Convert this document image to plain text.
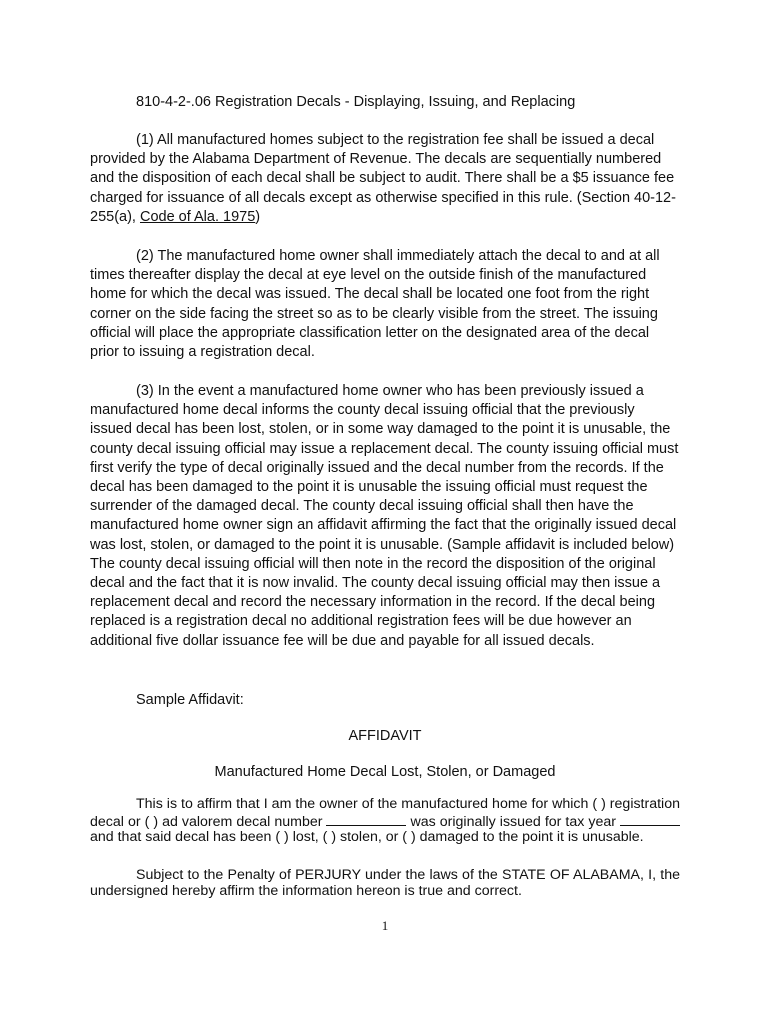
810-4-2-.06 Registration Decals - Displaying, Issuing, and Replacing
(1) All manufactured homes subject to the registration fee shall be issued a decal provided by the Alabama Department of Revenue. The decals are sequentially numbered and the disposition of each decal shall be subject to audit. There shall be a $5 issuance fee charged for issuance of all decals except as otherwise specified in this rule. (Section 40-12-255(a), Code of Ala. 1975)
(2) The manufactured home owner shall immediately attach the decal to and at all times thereafter display the decal at eye level on the outside finish of the manufactured home for which the decal was issued. The decal shall be located one foot from the right corner on the side facing the street so as to be clearly visible from the street. The issuing official will place the appropriate classification letter on the designated area of the decal prior to issuing a registration decal.
(3) In the event a manufactured home owner who has been previously issued a manufactured home decal informs the county decal issuing official that the previously issued decal has been lost, stolen, or in some way damaged to the point it is unusable, the county decal issuing official may issue a replacement decal. The county issuing official must first verify the type of decal originally issued and the decal number from the records. If the decal has been damaged to the point it is unusable the issuing official must request the surrender of the damaged decal. The county decal issuing official shall then have the manufactured home owner sign an affidavit affirming the fact that the originally issued decal was lost, stolen, or damaged to the point it is unusable. (Sample affidavit is included below) The county decal issuing official will then note in the record the disposition of the original decal and the fact that it is now invalid. The county decal issuing official may then issue a replacement decal and record the necessary information in the record. If the decal being replaced is a registration decal no additional registration fees will be due however an additional five dollar issuance fee will be due and payable for all issued decals.
Sample Affidavit:
AFFIDAVIT
Manufactured Home Decal Lost, Stolen, or Damaged
This is to affirm that I am the owner of the manufactured home for which ( ) registration decal or ( ) ad valorem decal number	was originally issued for tax year  and that said decal has been ( ) lost, ( ) stolen, or ( ) damaged to the point it is unusable.
Subject to the Penalty of PERJURY under the laws of the STATE OF ALABAMA, I, the undersigned hereby affirm the information hereon is true and correct.
1
